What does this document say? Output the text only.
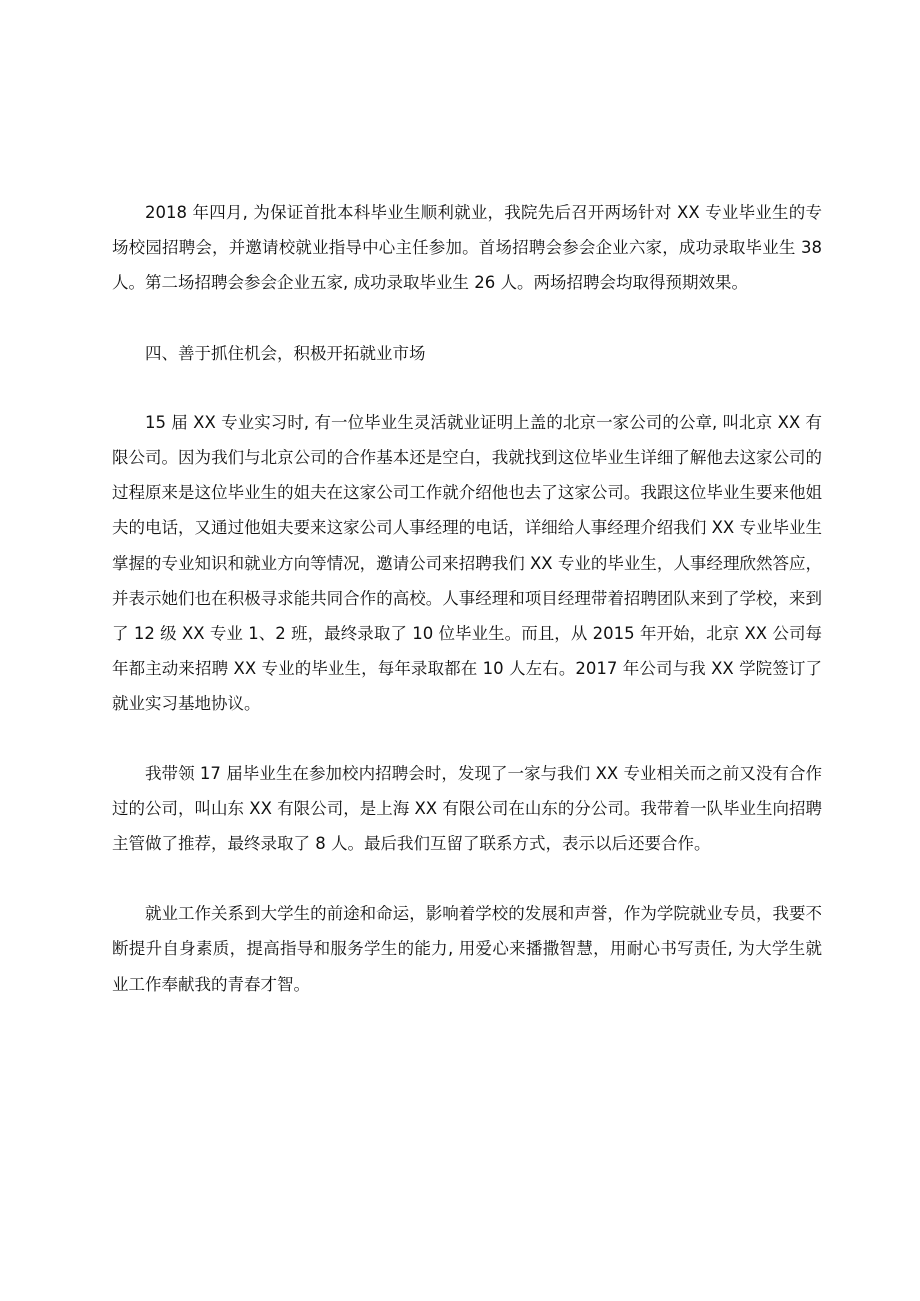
2018 年四月, 为保证首批本科毕业生顺利就业，我院先后召开两场针对 XX 专业毕业生的专场校园招聘会，并邀请校就业指导中心主任参加。首场招聘会参会企业六家，成功录取毕业生 38 人。第二场招聘会参会企业五家, 成功录取毕业生 26 人。两场招聘会均取得预期效果。

四、善于抓住机会，积极开拓就业市场

15 届 XX 专业实习时, 有一位毕业生灵活就业证明上盖的北京一家公司的公章, 叫北京 XX 有限公司。因为我们与北京公司的合作基本还是空白，我就找到这位毕业生详细了解他去这家公司的过程原来是这位毕业生的姐夫在这家公司工作就介绍他也去了这家公司。我跟这位毕业生要来他姐夫的电话，又通过他姐夫要来这家公司人事经理的电话，详细给人事经理介绍我们 XX 专业毕业生掌握的专业知识和就业方向等情况，邀请公司来招聘我们 XX 专业的毕业生，人事经理欣然答应，并表示她们也在积极寻求能共同合作的高校。人事经理和项目经理带着招聘团队来到了学校，来到了 12 级 XX 专业 1、2 班，最终录取了 10 位毕业生。而且，从 2015 年开始，北京 XX 公司每年都主动来招聘 XX 专业的毕业生，每年录取都在 10 人左右。2017 年公司与我 XX 学院签订了就业实习基地协议。

我带领 17 届毕业生在参加校内招聘会时，发现了一家与我们 XX 专业相关而之前又没有合作过的公司，叫山东 XX 有限公司，是上海 XX 有限公司在山东的分公司。我带着一队毕业生向招聘主管做了推荐，最终录取了 8 人。最后我们互留了联系方式，表示以后还要合作。

就业工作关系到大学生的前途和命运，影响着学校的发展和声誉，作为学院就业专员，我要不断提升自身素质，提高指导和服务学生的能力, 用爱心来播撒智慧，用耐心书写责任, 为大学生就业工作奉献我的青春才智。
